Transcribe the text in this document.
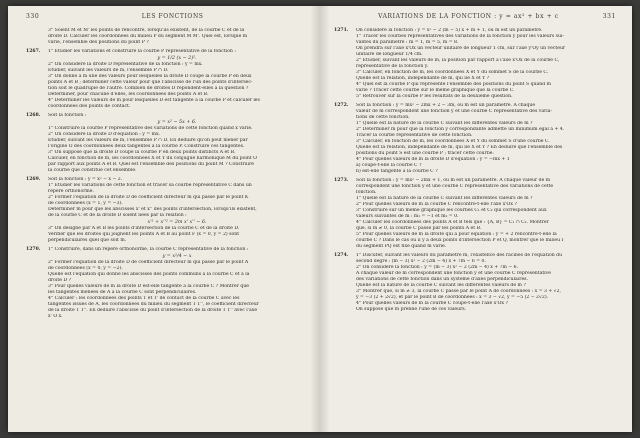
330	LES FONCTIONS
3° Soient M et M' les points de rencontre, lorsqu'ils existent, de la courbe C et de la
droite D. Calculer les coordonnées du milieu P du segment M M'. Quel est, lorsque m
varie, l'ensemble des positions du point P ?
1267.	1° Étudier les variations et construire la courbe P représentative de la fonction :
y = 1/2 (x − 2)².
2° On considère la droite D représentative de la fonction : y = mx.
Étudier, suivant les valeurs de m, l'ensemble P ∩ D.
3° On donne à m une des valeurs pour lesquelles la droite D coupe la courbe P en deux
points A et B ; déterminer cette valeur pour que l'abscisse de l'un des points d'intersec-
tion soit le quadruple de l'autre. Combien de droites D répondent-elles à la question ?
Déterminer, pour chacune d'elles, les coordonnées des points A et B.
4° Déterminer les valeurs de m pour lesquelles D est tangente à la courbe P et calculer les
coordonnées des points de contact.
1268.	Soit la fonction :
y = x² − 5x + 6.
1° Construire la courbe P représentative des variations de cette fonction quand x varie.
2° On considère la droite D d'équation : y = mx.
Étudier, suivant les valeurs de m, l'ensemble P ∩ D. En déduire qu'on peut mener par
l'origine O des coordonnées deux tangentes à la courbe P. Construire ces tangentes.
3° On suppose que la droite D coupe la courbe P en deux points distincts A et B.
Calculer, en fonction de m, les coordonnées X et Y du conjugué harmonique M du point O
par rapport aux points A et B. Quel est l'ensemble des positions du point M ? Construire
la courbe que constitue cet ensemble.
1269.	Soit la fonction : y = x² − x − 2.
1° Étudier les variations de cette fonction et tracer sa courbe représentative C dans un
repère orthonormé.
2° Former l'équation de la droite D de coefficient directeur m qui passe par le point K
de coordonnées (x = 1, y = −3).
Déterminer m pour que les abscisses x' et x'' des points d'intersection, lorsqu'ils existent,
de la courbe C et de la droite D soient liées par la relation :
x'² + x''² = 2m x' x'' − 6.
3° On désigne par A et B les points d'intersection de la courbe C et de la droite D.
Vérifier que les droites qui joignent les points A et B au point F (x = 0, y = 2) sont
perpendiculaires quel que soit m.
1270.	1° Construire, dans un repère orthonormé, la courbe C représentative de la fonction :
y = x²/4 − x
2° Former l'équation de la droite D de coefficient directeur m qui passe par le point A
de coordonnées (x = 0, y = −2).
Quelle est l'équation qui donne les abscisses des points communs à la courbe C et à la
droite D ?
3° Pour quelles valeurs de m la droite D est-elle tangente à la courbe C ? Montrer que
les tangentes menées de A à la courbe C sont perpendiculaires.
4° Calculer : les coordonnées des points T et T' de contact de la courbe C avec les
tangentes issues de A, les coordonnées du milieu du segment T T'', le coefficient directeur
de la droite T T''. En déduire l'abscisse du point d'intersection de la droite T T'' avec l'axe
x' O x.
VARIATIONS DE LA FONCTION : y = ax² + bx + c	331
1271.	On considère la fonction : y = x² − 2 (m − 5) x + m + 1, où m est un paramètre.
1° Tracer les courbes représentatives des variations de la fonction y pour les valeurs sui-
vantes du paramètre : m = 1, m = 5, m = 8.
On prendra sur l'axe x'Ox un vecteur unitaire de longueur 1 cm, sur l'axe y'Oy un vecteur
unitaire de longueur 1/4 cm.
2° Étudier, suivant les valeurs de m, la position par rapport à l'axe x'Ox de la courbe C,
représentative de la fonction y.
3° Calculer, en fonction de m, les coordonnées X et Y du sommet S de la courbe C.
Quelle est la relation, indépendante de m, qui lie X et Y ?
4° Quel est la courbe P qui représente l'ensemble des positions du point S quand m
varie ? Tracer cette courbe sur le même graphique que la courbe C.
5° Retrouver sur la courbe P les résultats de la deuxième question.
1272.	Soit la fonction : y = mx² − 2mx + 2 − 3m, où m est un paramètre. À chaque
valeur de m correspondent une fonction y et une courbe C représentative des varia-
tions de cette fonction.
1° Quelle est la nature de la courbe C suivant les différentes valeurs de m ?
2° Déterminer m pour que la fonction y correspondante admette un minimum égal à + 4.
Tracer la courbe représentative de cette fonction.
3° Calculer, en fonction de m, les coordonnées X et Y du sommet S d'une courbe C.
Quelle est la relation, indépendante de m, qui lie X et Y ? En déduire que l'ensemble des
positions du point S est une courbe P ; tracer cette courbe.
4° Pour quelles valeurs de m la droite D d'équation : y = −mx + 1
a) coupe-t-elle la courbe C ?
b) est-elle tangente à la courbe C ?
1273.	Soit la fonction : y = mx² − 2mx + 1, où m est un paramètre. À chaque valeur de m
correspondent une fonction y et une courbe C représentative des variations de cette
fonction.
1° Quelle est la nature de la courbe C suivant les différentes valeurs de m ?
2° Pour quelles valeurs de m la courbe C rencontre-t-elle l'axe x'Ox ?
3° Construire sur un même graphique les courbes C₁ et C₂ qui correspondent aux
valeurs suivantes de m : m₁ = −1 et m₂ = 0.
4° Calculer les coordonnées des points A et B tels que : {A, B} = C₁ ∩ C₂. Montrer
que, si m ≠ 0, la courbe C passe par les points A et B.
5° Pour quelles valeurs de m la droite qui a pour équation : y = + 2 rencontre-t-elle la
courbe C ? Dans le cas où il y a deux points d'intersection P et Q, montrer que le milieu I
du segment PQ est fixe quand m varie.
1274.	1° Discuter, suivant les valeurs du paramètre m, l'existence des racines de l'équation du
second degré : (m − 3) x² − 2 (2m − 4) x + 7m − 6 = 0.
2° On considère la fonction : y = (m − 3) x² − 2 (2m − 4) x + 7m − 6.
À chaque valeur de m correspondent une fonction y et une courbe C représentative
des variations de cette fonction dans un système d'axes perpendiculaires.
Quelle est la nature de la courbe C suivant les différentes valeurs de m ?
3° Montrer que, si m ≠ 3, la courbe C passe par le point A de coordonnées : x = 3 + √2,
y = −3 (2 + 2√2), et par le point B de coordonnées : x = 3 − √2, y = −5 (2 − 2√2).
4° Pour quelles valeurs de m la courbe C coupe-t-elle l'axe x'Ox ?
On suppose que m prenne l'une de ces valeurs.
